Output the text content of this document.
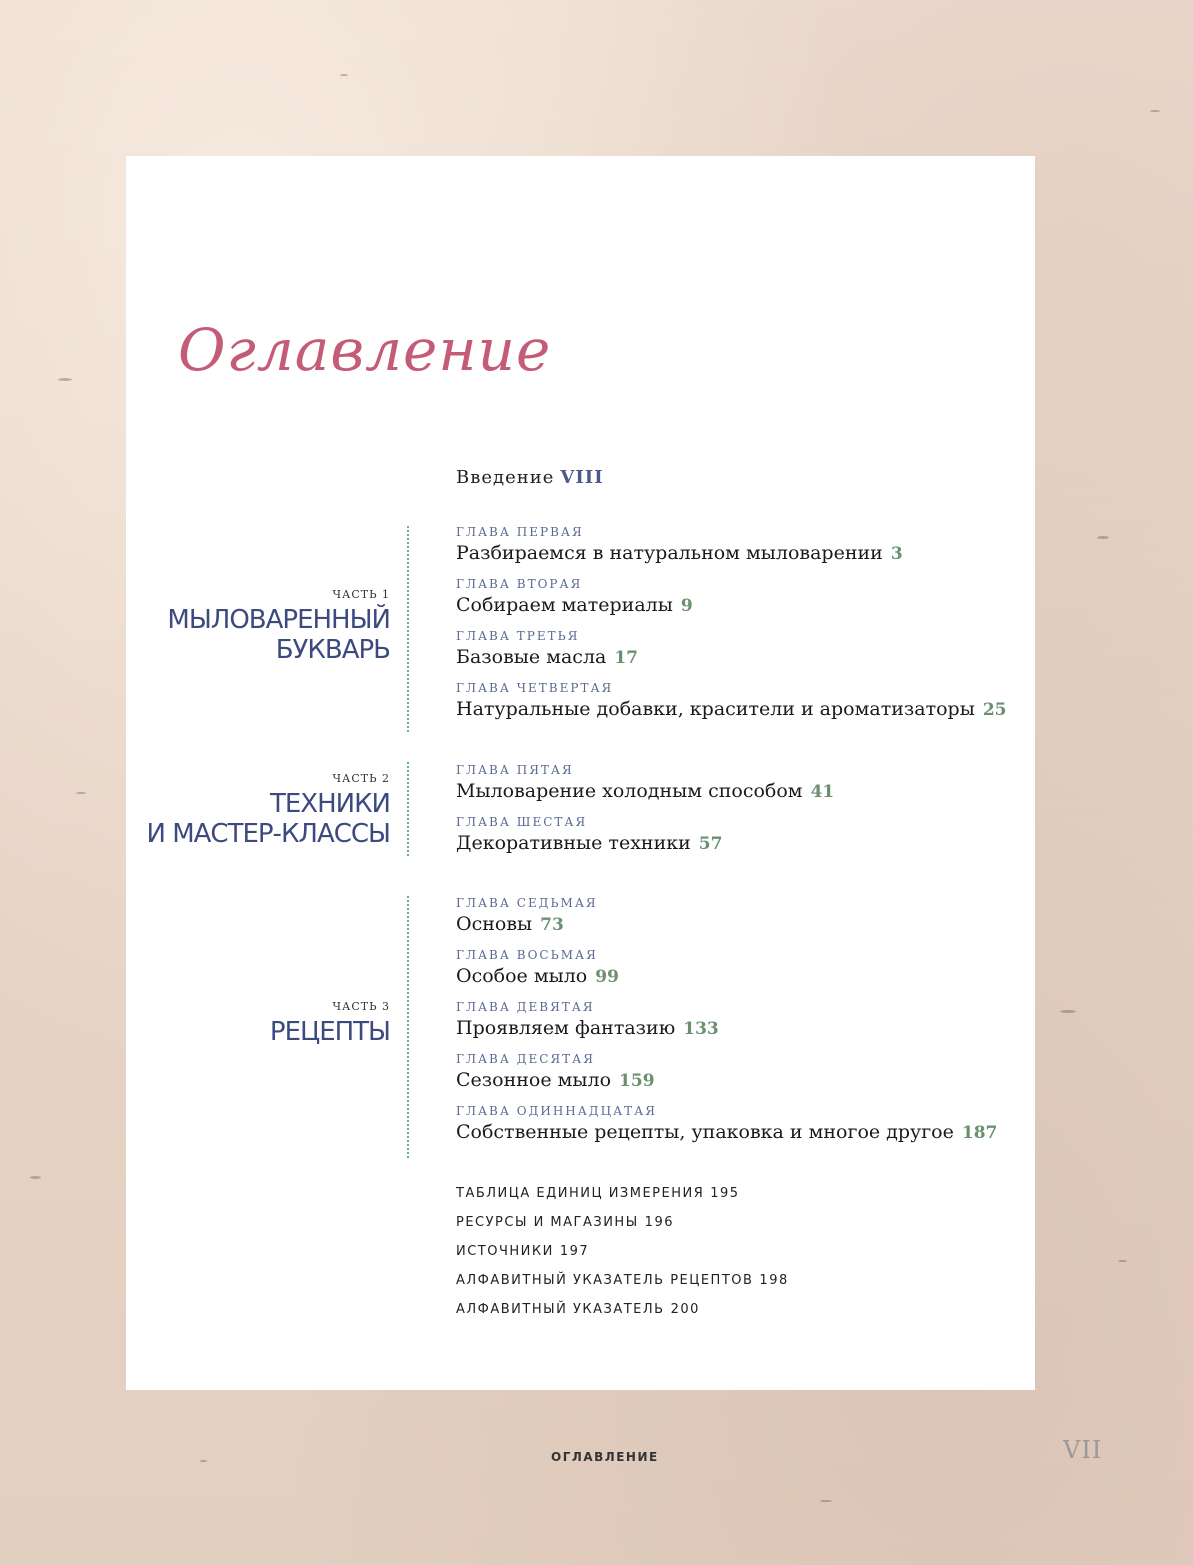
Оглавление
Введение VIII
ЧАСТЬ 1
МЫЛОВАРЕННЫЙ
БУКВАРЬ
ЧАСТЬ 2
ТЕХНИКИ
И МАСТЕР-КЛАССЫ
ЧАСТЬ 3
РЕЦЕПТЫ
ГЛАВА ПЕРВАЯ
Разбираемся в натуральном мыловарении 3
ГЛАВА ВТОРАЯ
Собираем материалы 9
ГЛАВА ТРЕТЬЯ
Базовые масла 17
ГЛАВА ЧЕТВЕРТАЯ
Натуральные добавки, красители и ароматизаторы 25
ГЛАВА ПЯТАЯ
Мыловарение холодным способом 41
ГЛАВА ШЕСТАЯ
Декоративные техники 57
ГЛАВА СЕДЬМАЯ
Основы 73
ГЛАВА ВОСЬМАЯ
Особое мыло 99
ГЛАВА ДЕВЯТАЯ
Проявляем фантазию 133
ГЛАВА ДЕСЯТАЯ
Сезонное мыло 159
ГЛАВА ОДИННАДЦАТАЯ
Собственные рецепты, упаковка и многое другое 187
ТАБЛИЦА ЕДИНИЦ ИЗМЕРЕНИЯ 195
РЕСУРСЫ И МАГАЗИНЫ 196
ИСТОЧНИКИ 197
АЛФАВИТНЫЙ УКАЗАТЕЛЬ РЕЦЕПТОВ 198
АЛФАВИТНЫЙ УКАЗАТЕЛЬ 200
ОГЛАВЛЕНИЕ	VII
